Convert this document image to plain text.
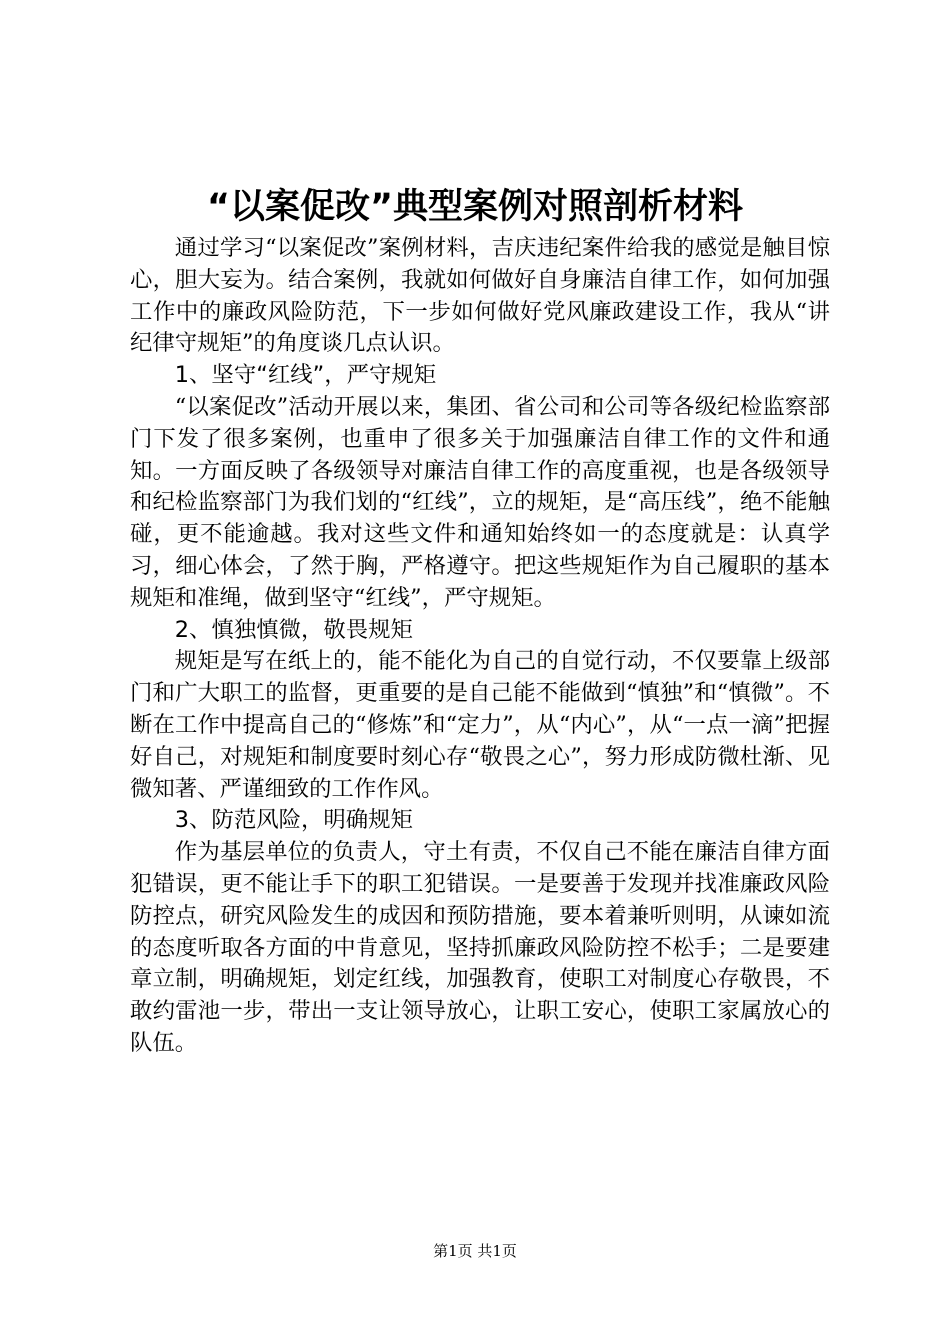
“以案促改”典型案例对照剖析材料

通过学习“以案促改”案例材料，吉庆违纪案件给我的感觉是触目惊心，胆大妄为。结合案例，我就如何做好自身廉洁自律工作，如何加强工作中的廉政风险防范，下一步如何做好党风廉政建设工作，我从“讲纪律守规矩”的角度谈几点认识。

1、坚守“红线”，严守规矩

“以案促改”活动开展以来，集团、省公司和公司等各级纪检监察部门下发了很多案例，也重申了很多关于加强廉洁自律工作的文件和通知。一方面反映了各级领导对廉洁自律工作的高度重视，也是各级领导和纪检监察部门为我们划的“红线”，立的规矩，是“高压线”，绝不能触碰，更不能逾越。我对这些文件和通知始终如一的态度就是：认真学习，细心体会，了然于胸，严格遵守。把这些规矩作为自己履职的基本规矩和准绳，做到坚守“红线”，严守规矩。

2、慎独慎微，敬畏规矩

规矩是写在纸上的，能不能化为自己的自觉行动，不仅要靠上级部门和广大职工的监督，更重要的是自己能不能做到“慎独”和“慎微”。不断在工作中提高自己的“修炼”和“定力”，从“内心”，从“一点一滴”把握好自己，对规矩和制度要时刻心存“敬畏之心”，努力形成防微杜渐、见微知著、严谨细致的工作作风。

3、防范风险，明确规矩

作为基层单位的负责人，守土有责，不仅自己不能在廉洁自律方面犯错误，更不能让手下的职工犯错误。一是要善于发现并找准廉政风险防控点，研究风险发生的成因和预防措施，要本着兼听则明，从谏如流的态度听取各方面的中肯意见，坚持抓廉政风险防控不松手；二是要建章立制，明确规矩，划定红线，加强教育，使职工对制度心存敬畏，不敢约雷池一步，带出一支让领导放心，让职工安心，使职工家属放心的队伍。

第1页 共1页
